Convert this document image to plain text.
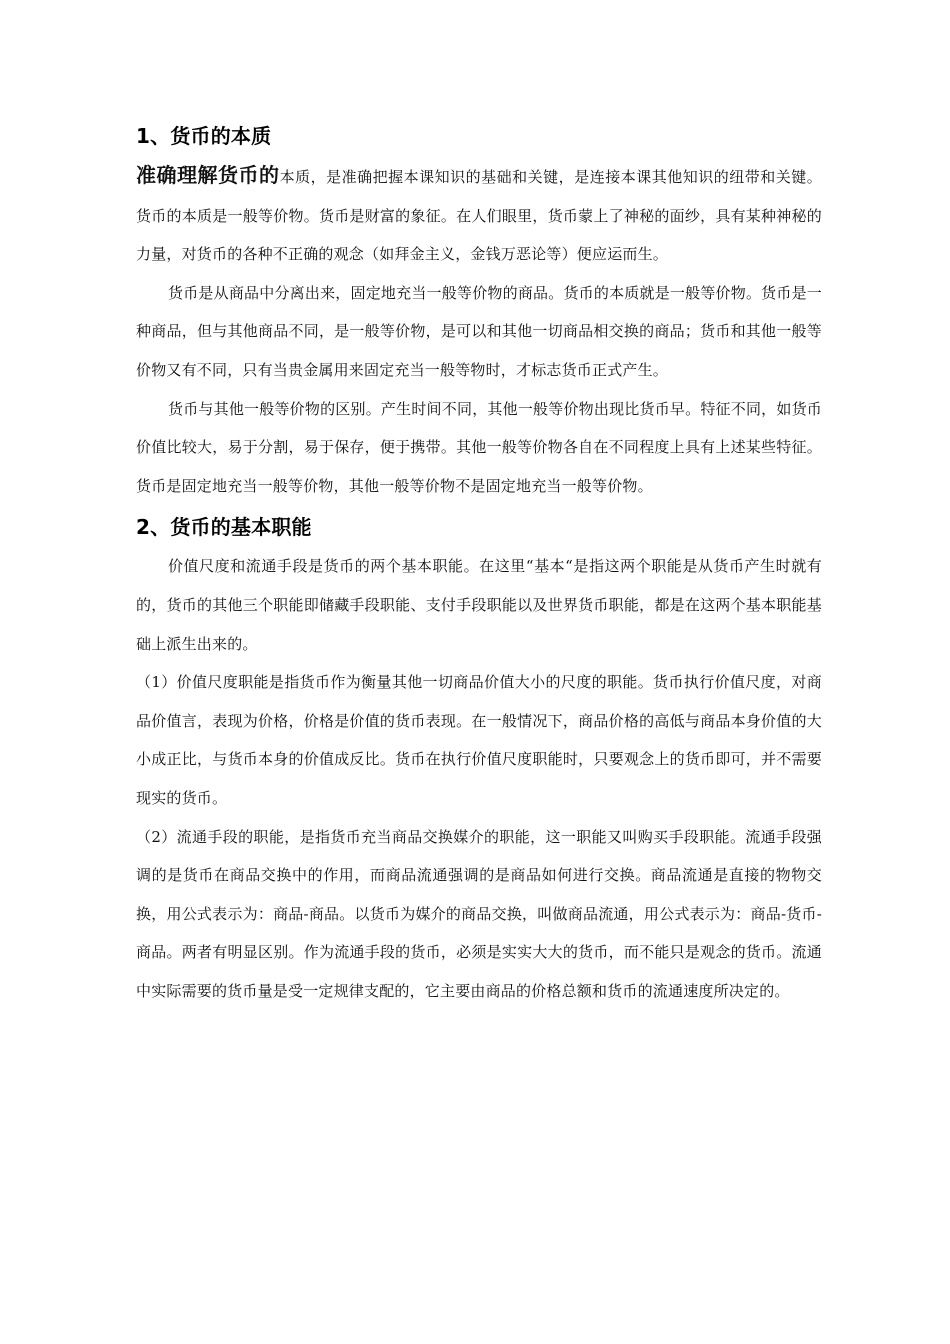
1、货币的本质

准确理解货币的本质，是准确把握本课知识的基础和关键，是连接本课其他知识的纽带和关键。货币的本质是一般等价物。货币是财富的象征。在人们眼里，货币蒙上了神秘的面纱，具有某种神秘的力量，对货币的各种不正确的观念（如拜金主义，金钱万恶论等）便应运而生。

货币是从商品中分离出来，固定地充当一般等价物的商品。货币的本质就是一般等价物。货币是一种商品，但与其他商品不同，是一般等价物，是可以和其他一切商品相交换的商品；货币和其他一般等价物又有不同，只有当贵金属用来固定充当一般等物时，才标志货币正式产生。

货币与其他一般等价物的区别。产生时间不同，其他一般等价物出现比货币早。特征不同，如货币价值比较大，易于分割，易于保存，便于携带。其他一般等价物各自在不同程度上具有上述某些特征。货币是固定地充当一般等价物，其他一般等价物不是固定地充当一般等价物。

2、货币的基本职能

价值尺度和流通手段是货币的两个基本职能。在这里“基本“是指这两个职能是从货币产生时就有的，货币的其他三个职能即储藏手段职能、支付手段职能以及世界货币职能，都是在这两个基本职能基础上派生出来的。

（1）价值尺度职能是指货币作为衡量其他一切商品价值大小的尺度的职能。货币执行价值尺度，对商品价值言，表现为价格，价格是价值的货币表现。在一般情况下，商品价格的高低与商品本身价值的大小成正比，与货币本身的价值成反比。货币在执行价值尺度职能时，只要观念上的货币即可，并不需要现实的货币。

（2）流通手段的职能，是指货币充当商品交换媒介的职能，这一职能又叫购买手段职能。流通手段强调的是货币在商品交换中的作用，而商品流通强调的是商品如何进行交换。商品流通是直接的物物交换，用公式表示为：商品-商品。以货币为媒介的商品交换，叫做商品流通，用公式表示为：商品-货币-商品。两者有明显区别。作为流通手段的货币，必须是实实大大的货币，而不能只是观念的货币。流通中实际需要的货币量是受一定规律支配的，它主要由商品的价格总额和货币的流通速度所决定的。
